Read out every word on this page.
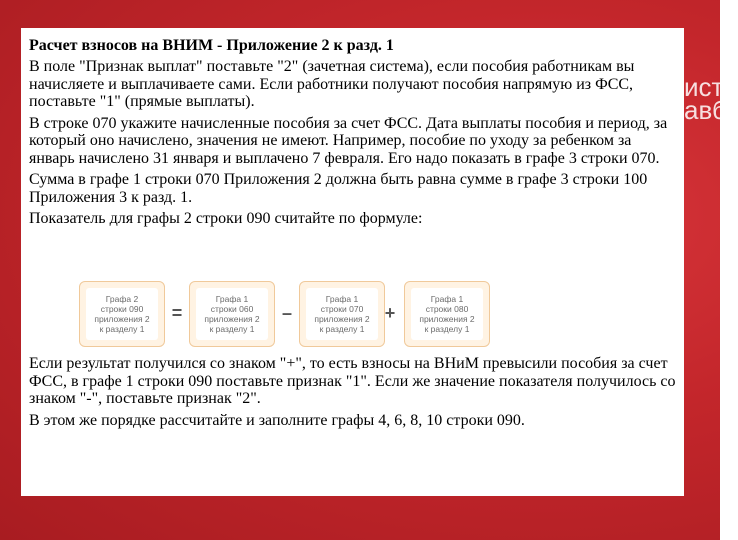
исте
авб

Расчет взносов на ВНИМ - Приложение 2 к разд. 1

В поле "Признак выплат" поставьте "2" (зачетная система), если пособия работникам вы начисляете и выплачиваете сами. Если работники получают пособия напрямую из ФСС, поставьте "1" (прямые выплаты).

В строке 070 укажите начисленные пособия за счет ФСС. Дата выплаты пособия и период, за который оно начислено, значения не имеют. Например, пособие по уходу за ребенком за январь начислено 31 января и выплачено 7 февраля. Его надо показать в графе 3 строки 070.

Сумма в графе 1 строки 070 Приложения 2 должна быть равна сумме в графе 3 строки 100 Приложения 3 к разд. 1.

Показатель для графы 2 строки 090 считайте по формуле:

Графа 2
строки 090
приложения 2
к разделу 1
=
Графа 1
строки 060
приложения 2
к разделу 1
–
Графа 1
строки 070
приложения 2
к разделу 1
+
Графа 1
строки 080
приложения 2
к разделу 1

Если результат получился со знаком "+", то есть взносы на ВНиМ превысили пособия за счет ФСС, в графе 1 строки 090 поставьте признак "1". Если же значение показателя получилось со знаком "-", поставьте признак "2".

В этом же порядке рассчитайте и заполните графы 4, 6, 8, 10 строки 090.
